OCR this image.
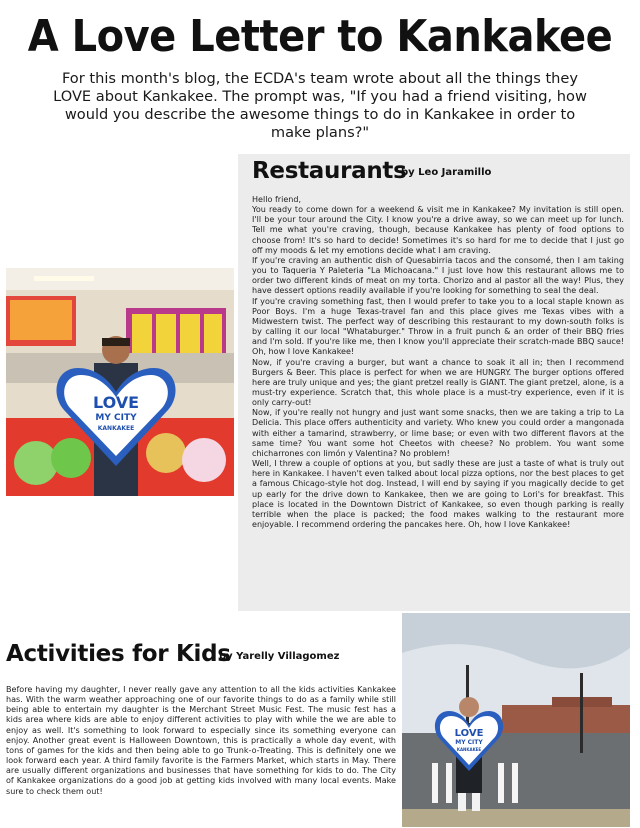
A Love Letter to Kankakee

For this month's blog, the ECDA's team wrote about all the things they LOVE about Kankakee. The prompt was, "If you had a friend visiting, how would you describe the awesome things to do in Kankakee in order to make plans?"

Restaurants
by Leo Jaramillo

Hello friend,

You ready to come down for a weekend & visit me in Kankakee? My invitation is still open. I'll be your tour around the City. I know you're a drive away, so we can meet up for lunch. Tell me what you're craving, though, because Kankakee has plenty of food options to choose from! It's so hard to decide! Sometimes it's so hard for me to decide that I just go off my moods & let my emotions decide what I am craving.

If you're craving an authentic dish of Quesabirria tacos and the consomé, then I am taking you to Taqueria Y Paleteria "La Michoacana." I just love how this restaurant allows me to order two different kinds of meat on my torta. Chorizo and al pastor all the way! Plus, they have dessert options readily available if you're looking for something to seal the deal.

If you're craving something fast, then I would prefer to take you to a local staple known as Poor Boys. I'm a huge Texas-travel fan and this place gives me Texas vibes with a Midwestern twist. The perfect way of describing this restaurant to my down-south folks is by calling it our local "Whataburger." Throw in a fruit punch & an order of their BBQ fries and I'm sold. If you're like me, then I know you'll appreciate their scratch-made BBQ sauce! Oh, how I love Kankakee!

Now, if you're craving a burger, but want a chance to soak it all in; then I recommend Burgers & Beer. This place is perfect for when we are HUNGRY. The burger options offered here are truly unique and yes; the giant pretzel really is GIANT. The giant pretzel, alone, is a must-try experience. Scratch that, this whole place is a must-try experience, even if it is only carry-out!

Now, if you're really not hungry and just want some snacks, then we are taking a trip to La Delicia. This place offers authenticity and variety. Who knew you could order a mangonada with either a tamarind, strawberry, or lime base; or even with two different flavors at the same time? You want some hot Cheetos with cheese? No problem. You want some chicharrones con limón y Valentina? No problem!

Well, I threw a couple of options at you, but sadly these are just a taste of what is truly out here in Kankakee. I haven't even talked about local pizza options, nor the best places to get a famous Chicago-style hot dog. Instead, I will end by saying if you magically decide to get up early for the drive down to Kankakee, then we are going to Lori's for breakfast. This place is located in the Downtown District of Kankakee, so even though parking is really terrible when the place is packed; the food makes walking to the restaurant more enjoyable. I recommend ordering the pancakes here. Oh, how I love Kankakee!

LOVE
MY CITY
KANKAKEE
Activities for Kids
by Yarelly Villagomez

Before having my daughter, I never really gave any attention to all the kids activities Kankakee has. With the warm weather approaching one of our favorite things to do as a family while still being able to entertain my daughter is the Merchant Street Music Fest. The music fest has a kids area where kids are able to enjoy different activities to play with while the we are able to enjoy as well. It's something to look forward to especially since its something everyone can enjoy. Another great event is Halloween Downtown, this is practically a whole day event, with tons of games for the kids and then being able to go Trunk-o-Treating. This is definitely one we look forward each year. A third family favorite is the Farmers Market, which starts in May. There are usually different organizations and businesses that have something for kids to do. The City of Kankakee organizations do a good job at getting kids involved with many local events. Make sure to check them out!

LOVE
MY CITY
KANKAKEE
